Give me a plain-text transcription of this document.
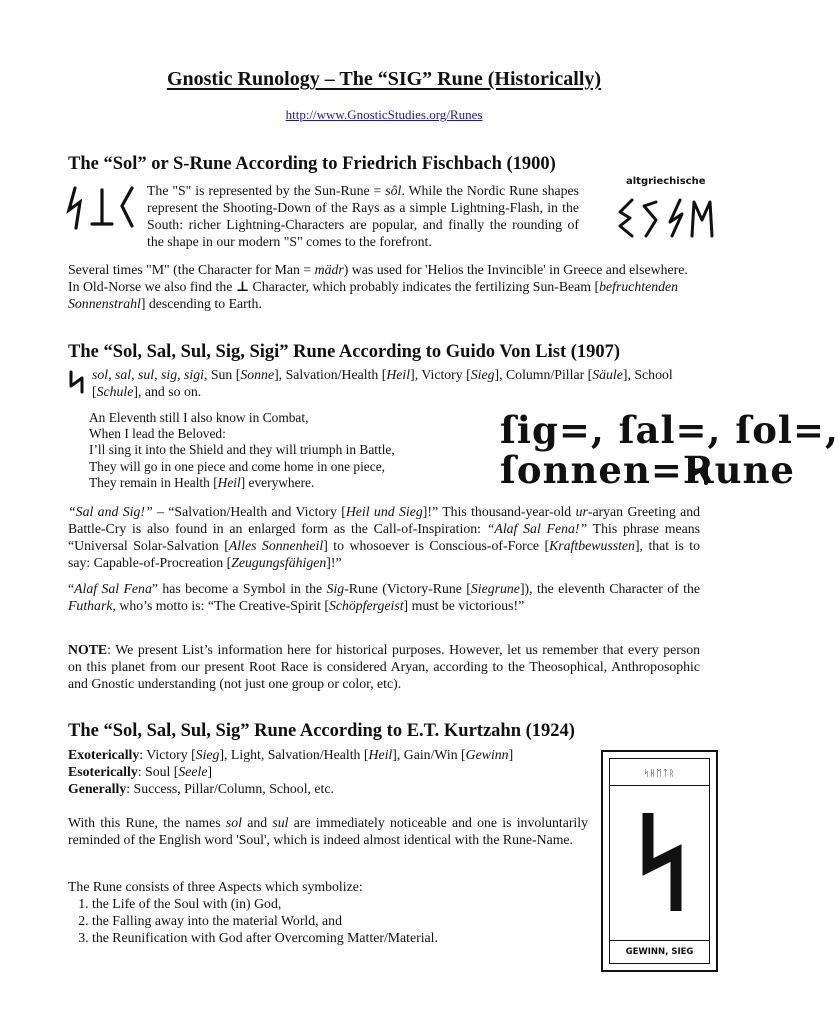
Gnostic Runology – The “SIG” Rune (Historically)
http://www.GnosticStudies.org/Runes
The “Sol” or S-Rune According to Friedrich Fischbach (1900)
The "S" is represented by the Sun-Rune = sôl. While the Nordic Rune shapes represent the Shooting-Down of the Rays as a simple Lightning-Flash, in the South: richer Lightning-Characters are popular, and finally the rounding of the shape in our modern "S" comes to the forefront.
altgriechische
Several times "M" (the Character for Man = mädr) was used for 'Helios the Invincible' in Greece and elsewhere. In Old-Norse we also find the ⊥ Character, which probably indicates the fertilizing Sun-Beam [befruchtenden Sonnenstrahl] descending to Earth.
The “Sol, Sal, Sul, Sig, Sigi” Rune According to Guido Von List (1907)
sol, sal, sul, sig, sigi, Sun [Sonne], Salvation/Health [Heil], Victory [Sieg], Column/Pillar [Säule], School [Schule], and so on.
An Eleventh still I also know in Combat,
When I lead the Beloved:
I’ll sing it into the Shield and they will triumph in Battle,
They will go in one piece and come home in one piece,
They remain in Health [Heil] everywhere.
ſig=, ſal=, ſol=,
ſonnen=Rune
“Sal and Sig!” – “Salvation/Health and Victory [Heil und Sieg]!” This thousand-year-old ur-aryan Greeting and Battle-Cry is also found in an enlarged form as the Call-of-Inspiration: “Alaf Sal Fena!” This phrase means “Universal Solar-Salvation [Alles Sonnenheil] to whosoever is Conscious-of-Force [Kraftbewussten], that is to say: Capable-of-Procreation [Zeugungsfähigen]!”
“Alaf Sal Fena” has become a Symbol in the Sig-Rune (Victory-Rune [Siegrune]), the eleventh Character of the Futhark, who’s motto is: “The Creative-Spirit [Schöpfergeist] must be victorious!”
NOTE: We present List’s information here for historical purposes. However, let us remember that every person on this planet from our present Root Race is considered Aryan, according to the Theosophical, Anthroposophic and Gnostic understanding (not just one group or color, etc).
The “Sol, Sal, Sul, Sig” Rune According to E.T. Kurtzahn (1924)
Exoterically: Victory [Sieg], Light, Salvation/Health [Heil], Gain/Win [Gewinn]
Esoterically: Soul [Seele]
Generally: Success, Pillar/Column, School, etc.
With this Rune, the names sol and sul are immediately noticeable and one is involuntarily reminded of the English word 'Soul', which is indeed almost identical with the Rune-Name.
The Rune consists of three Aspects which symbolize:
1. the Life of the Soul with (in) God,
2. the Falling away into the material World, and
3. the Reunification with God after Overcoming Matter/Material.
ᛋᚺᛖᛏᚱ
GEWINN, SIEG
